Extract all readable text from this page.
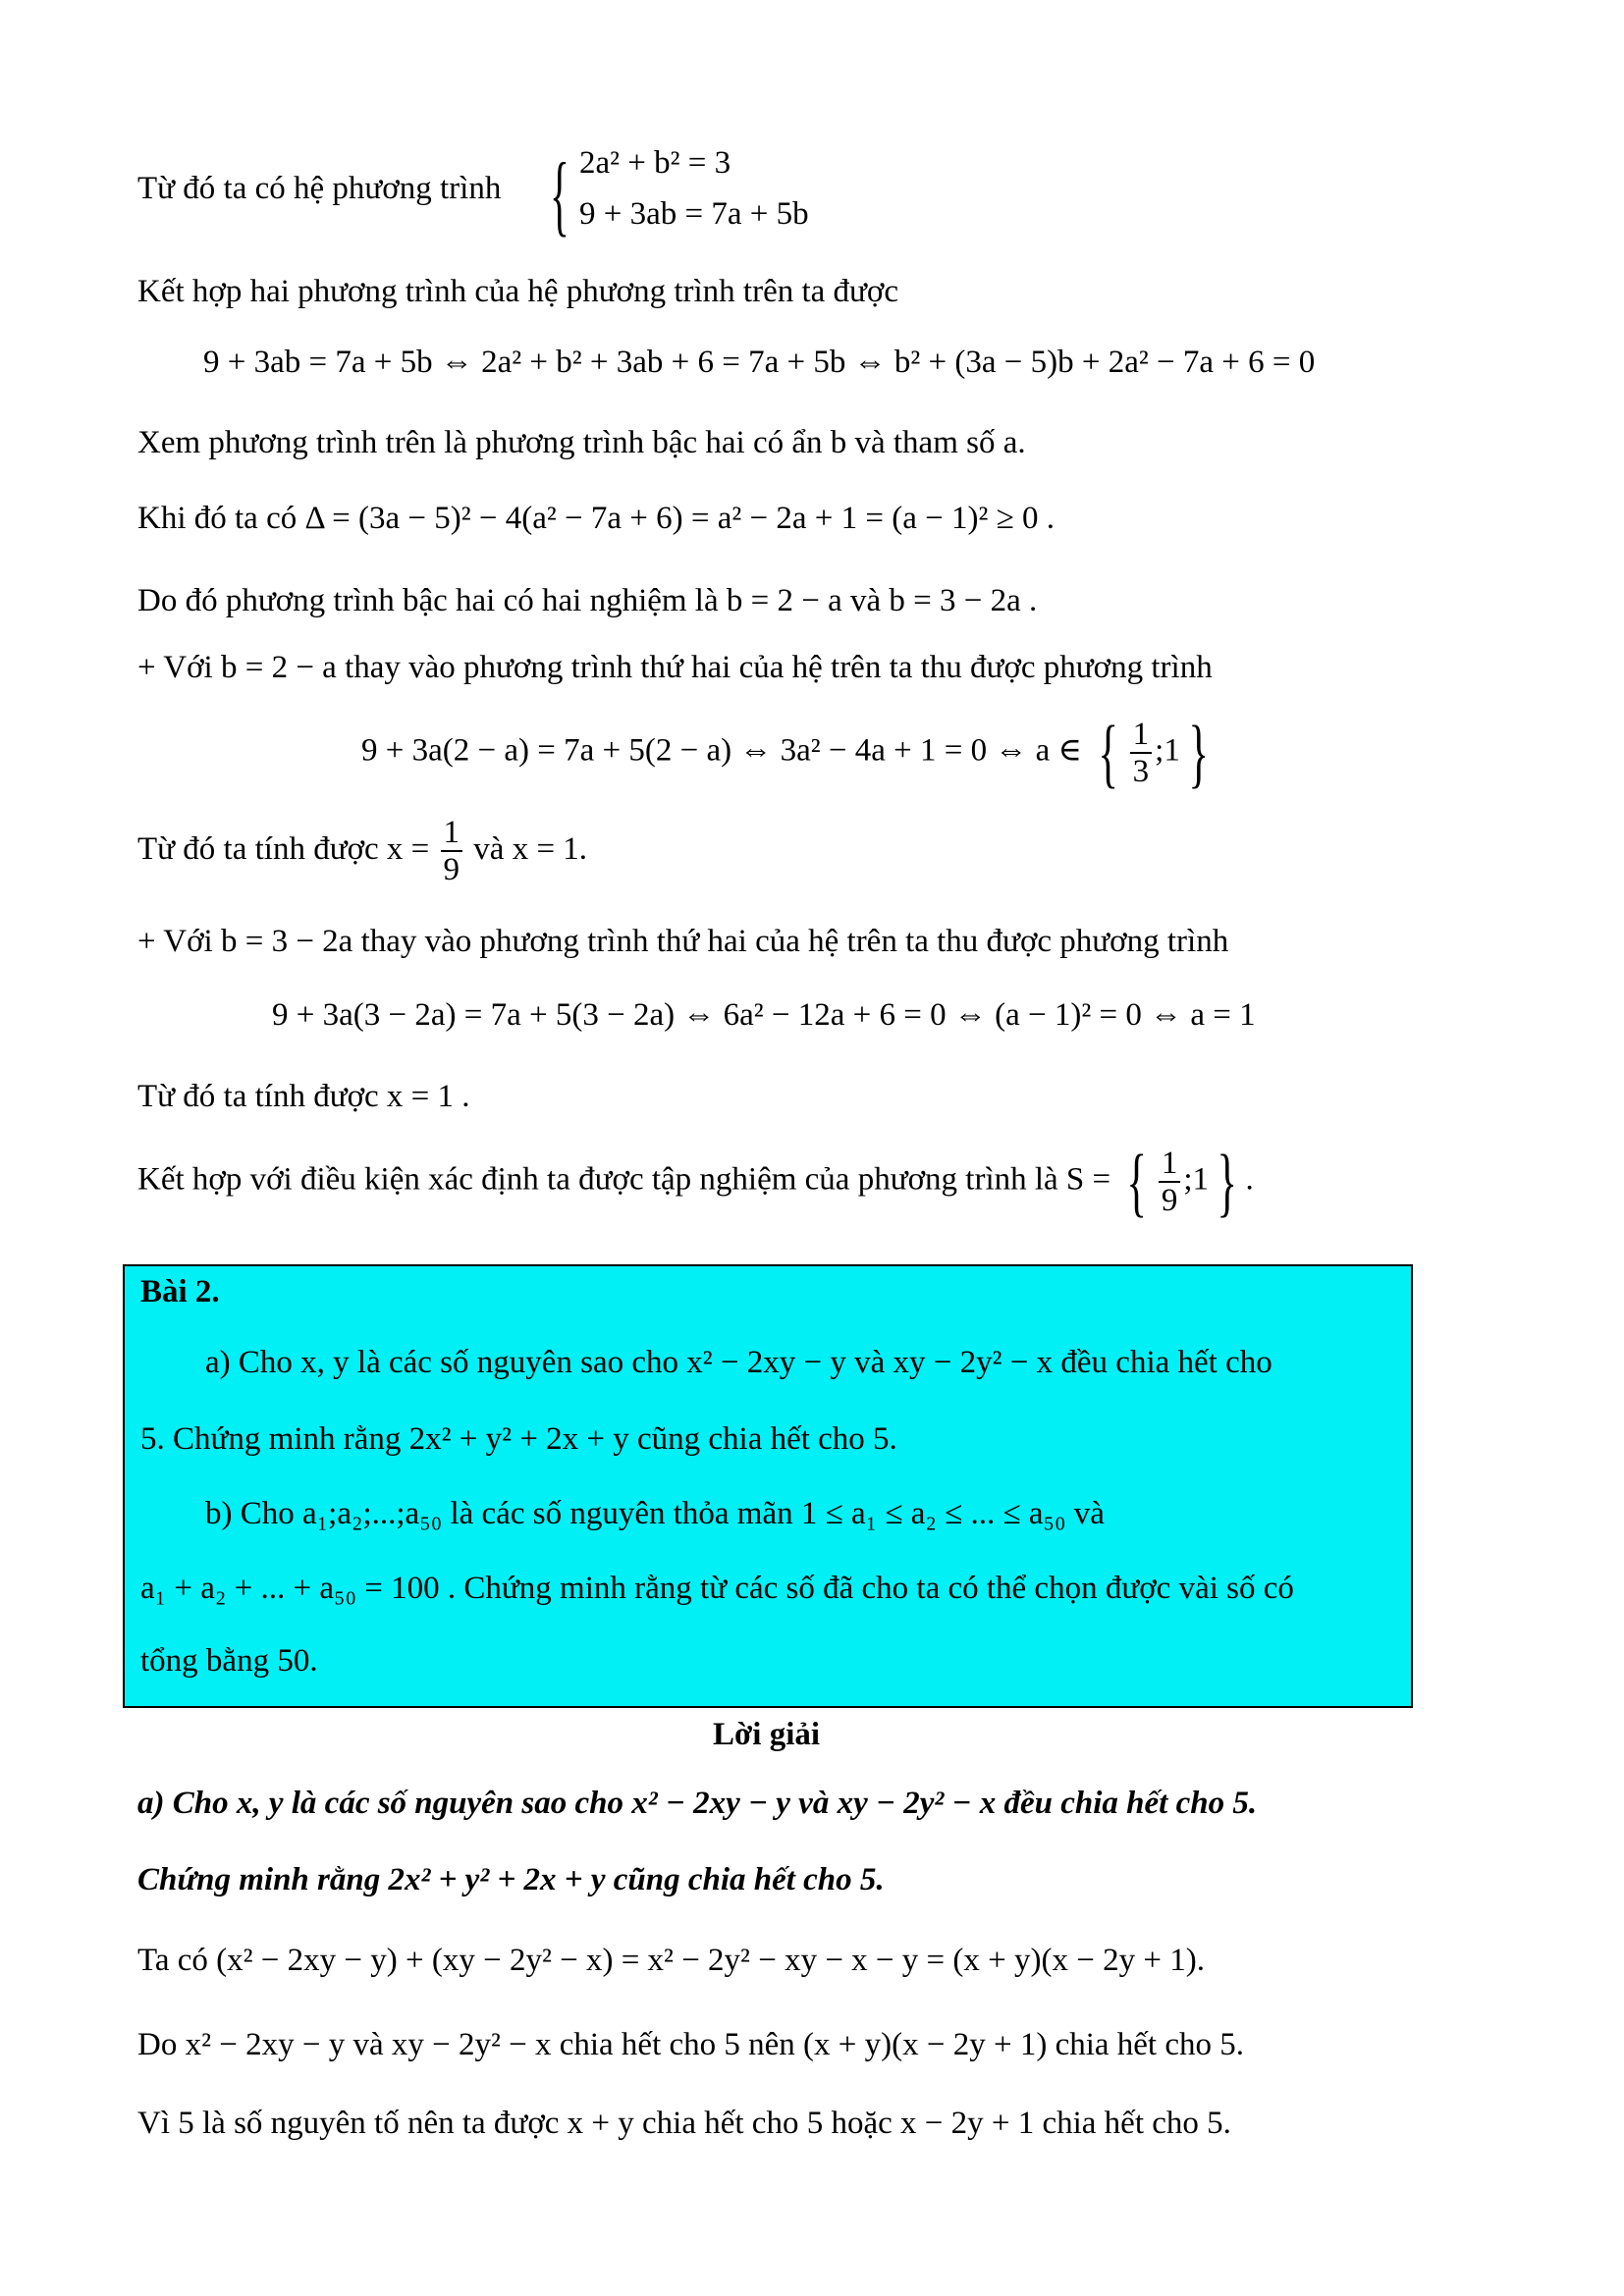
Từ đó ta có hệ phương trình { 2a² + b² = 3
9 + 3ab = 7a + 5b
Kết hợp hai phương trình của hệ phương trình trên ta được
9 + 3ab = 7a + 5b ⇔ 2a² + b² + 3ab + 6 = 7a + 5b ⇔ b² + (3a − 5)b + 2a² − 7a + 6 = 0
Xem phương trình trên là phương trình bậc hai có ẩn b và tham số a.
Khi đó ta có Δ = (3a − 5)² − 4(a² − 7a + 6) = a² − 2a + 1 = (a − 1)² ≥ 0 .
Do đó phương trình bậc hai có hai nghiệm là b = 2 − a và b = 3 − 2a .
+ Với b = 2 − a thay vào phương trình thứ hai của hệ trên ta thu được phương trình
9 + 3a(2 − a) = 7a + 5(2 − a) ⇔ 3a² − 4a + 1 = 0 ⇔ a ∈ { $\frac{1}{3}$ ;1 }
Từ đó ta tính được $x = \frac{1}{9}$ và x = 1.
+ Với b = 3 − 2a thay vào phương trình thứ hai của hệ trên ta thu được phương trình
9 + 3a(3 − 2a) = 7a + 5(3 − 2a) ⇔ 6a² − 12a + 6 = 0 ⇔ (a − 1)² = 0 ⇔ a = 1
Từ đó ta tính được x = 1 .
Kết hợp với điều kiện xác định ta được tập nghiệm của phương trình là S = { $\frac{1}{9}$ ;1 } .
Bài 2.
a) Cho x, y là các số nguyên sao cho x² − 2xy − y và xy − 2y² − x đều chia hết cho
5. Chứng minh rằng 2x² + y² + 2x + y cũng chia hết cho 5.
b) Cho a₁;a₂;...;a₅₀ là các số nguyên thỏa mãn 1 ≤ a₁ ≤ a₂ ≤ ... ≤ a₅₀ và
a₁ + a₂ + ... + a₅₀ = 100 . Chứng minh rằng từ các số đã cho ta có thể chọn được vài số có
tổng bằng 50.
Lời giải
a) Cho x, y là các số nguyên sao cho x² − 2xy − y và xy − 2y² − x đều chia hết cho 5.
Chứng minh rằng 2x² + y² + 2x + y cũng chia hết cho 5.
Ta có (x² − 2xy − y) + (xy − 2y² − x) = x² − 2y² − xy − x − y = (x + y)(x − 2y + 1).
Do x² − 2xy − y và xy − 2y² − x chia hết cho 5 nên (x + y)(x − 2y + 1) chia hết cho 5.
Vì 5 là số nguyên tố nên ta được x + y chia hết cho 5 hoặc x − 2y + 1 chia hết cho 5.
